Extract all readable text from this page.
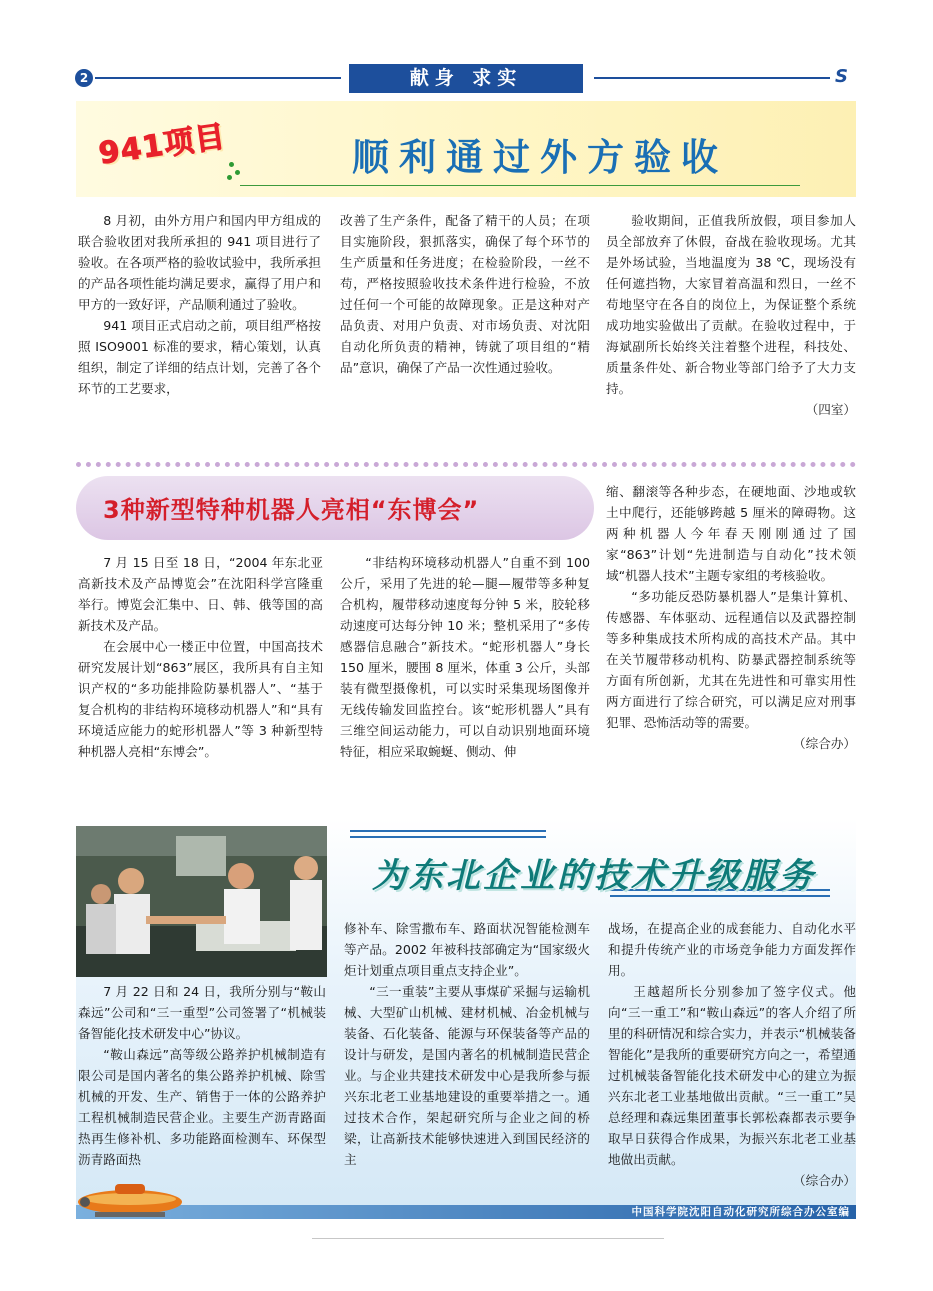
2	献身 求实	S
941项目	顺利通过外方验收

8 月初，由外方用户和国内甲方组成的联合验收团对我所承担的 941 项目进行了验收。在各项严格的验收试验中，我所承担的产品各项性能均满足要求，赢得了用户和甲方的一致好评，产品顺利通过了验收。

941 项目正式启动之前，项目组严格按照 ISO9001 标准的要求，精心策划，认真组织，制定了详细的结点计划，完善了各个环节的工艺要求，

改善了生产条件，配备了精干的人员；在项目实施阶段，狠抓落实，确保了每个环节的生产质量和任务进度；在检验阶段，一丝不苟，严格按照验收技术条件进行检验，不放过任何一个可能的故障现象。正是这种对产品负责、对用户负责、对市场负责、对沈阳自动化所负责的精神，铸就了项目组的“精品”意识，确保了产品一次性通过验收。

验收期间，正值我所放假，项目参加人员全部放弃了休假，奋战在验收现场。尤其是外场试验，当地温度为 38 ℃，现场没有任何遮挡物，大家冒着高温和烈日，一丝不苟地坚守在各自的岗位上，为保证整个系统成功地实验做出了贡献。在验收过程中，于海斌副所长始终关注着整个进程，科技处、质量条件处、新合物业等部门给予了大力支持。

（四室）
3种新型特种机器人亮相“东博会”

7 月 15 日至 18 日，“2004 年东北亚高新技术及产品博览会”在沈阳科学宫隆重举行。博览会汇集中、日、韩、俄等国的高新技术及产品。

在会展中心一楼正中位置，中国高技术研究发展计划“863”展区，我所具有自主知识产权的“多功能排险防暴机器人”、“基于复合机构的非结构环境移动机器人”和“具有环境适应能力的蛇形机器人”等 3 种新型特种机器人亮相“东博会”。

“非结构环境移动机器人”自重不到 100 公斤，采用了先进的轮—腿—履带等多种复合机构，履带移动速度每分钟 5 米，胶轮移动速度可达每分钟 10 米；整机采用了“多传感器信息融合”新技术。“蛇形机器人”身长 150 厘米，腰围 8 厘米，体重 3 公斤，头部装有微型摄像机，可以实时采集现场图像并无线传输发回监控台。该“蛇形机器人”具有三维空间运动能力，可以自动识别地面环境特征，相应采取蜿蜒、侧动、伸

缩、翻滚等各种步态，在硬地面、沙地或软土中爬行，还能够跨越 5 厘米的障碍物。这两种机器人今年春天刚刚通过了国家“863”计划“先进制造与自动化”技术领域“机器人技术”主题专家组的考核验收。

“多功能反恐防暴机器人”是集计算机、传感器、车体驱动、远程通信以及武器控制等多种集成技术所构成的高技术产品。其中在关节履带移动机构、防暴武器控制系统等方面有所创新，尤其在先进性和可靠实用性两方面进行了综合研究，可以满足应对刑事犯罪、恐怖活动等的需要。

（综合办）
为东北企业的技术升级服务

7 月 22 日和 24 日，我所分别与“鞍山森远”公司和“三一重型”公司签署了“机械装备智能化技术研发中心”协议。

“鞍山森远”高等级公路养护机械制造有限公司是国内著名的集公路养护机械、除雪机械的开发、生产、销售于一体的公路养护工程机械制造民营企业。主要生产沥青路面热再生修补机、多功能路面检测车、环保型沥青路面热

修补车、除雪撒布车、路面状况智能检测车等产品。2002 年被科技部确定为“国家级火炬计划重点项目重点支持企业”。

“三一重装”主要从事煤矿采掘与运输机械、大型矿山机械、建材机械、冶金机械与装备、石化装备、能源与环保装备等产品的设计与研发，是国内著名的机械制造民营企业。与企业共建技术研发中心是我所参与振兴东北老工业基地建设的重要举措之一。通过技术合作，架起研究所与企业之间的桥梁，让高新技术能够快速进入到国民经济的主

战场，在提高企业的成套能力、自动化水平和提升传统产业的市场竞争能力方面发挥作用。

王越超所长分别参加了签字仪式。他向“三一重工”和“鞍山森远”的客人介绍了所里的科研情况和综合实力，并表示“机械装备智能化”是我所的重要研究方向之一，希望通过机械装备智能化技术研发中心的建立为振兴东北老工业基地做出贡献。“三一重工”吴总经理和森远集团董事长郭松森都表示要争取早日获得合作成果，为振兴东北老工业基地做出贡献。

（综合办）
中国科学院沈阳自动化研究所综合办公室编
